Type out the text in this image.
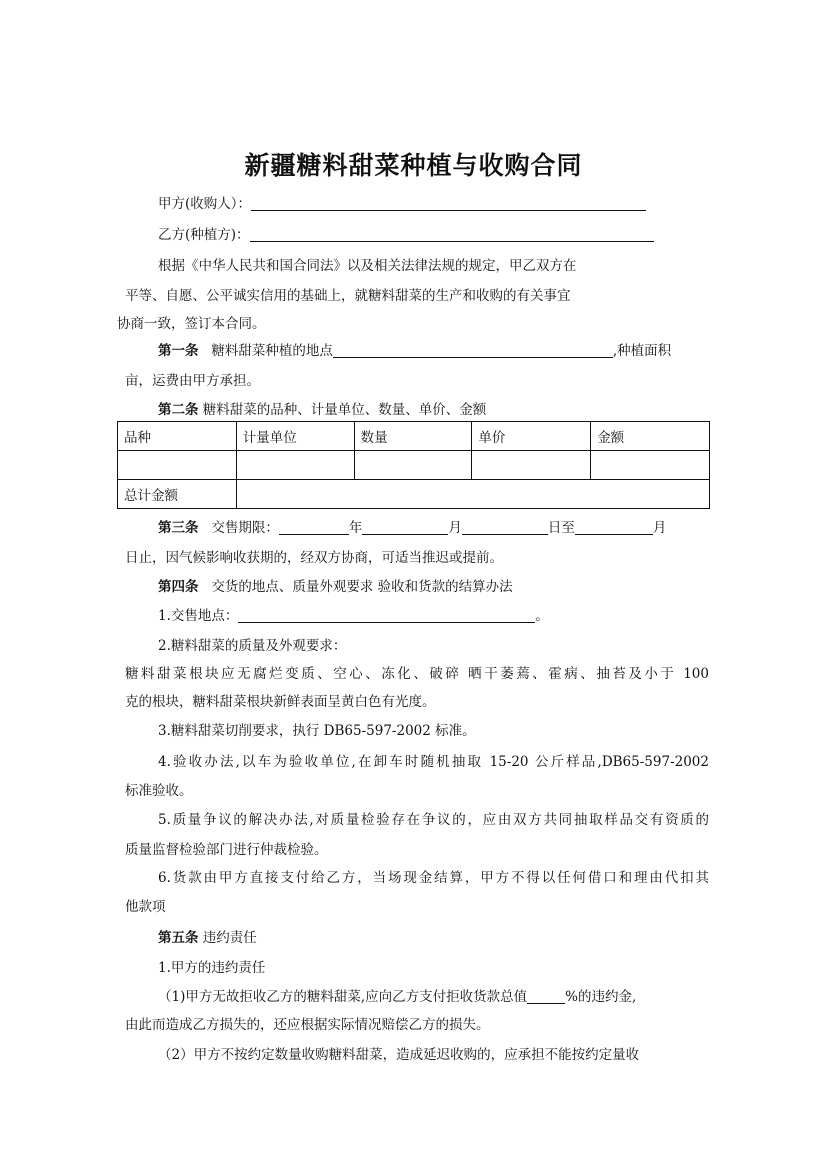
新疆糖料甜菜种植与收购合同
甲方(收购人）：
乙方(种植方)：
根据《中华人民共和国合同法》以及相关法律法规的规定，甲乙双方在
平等、自愿、公平诚实信用的基础上，就糖料甜菜的生产和收购的有关事宜
协商一致，签订本合同。
第一条 糖料甜菜种植的地点	,种植面积
亩，运费由甲方承担。
第二条 糖料甜菜的品种、计量单位、数量、单价、金额
品种	计量单位	数量	单价	金额

总计金额				
第三条 交售期限：	年	月	日至	月
日止，因气候影响收获期的，经双方协商，可适当推迟或提前。
第四条 交货的地点、质量外观要求 验收和货款的结算办法
1.交售地点：	。
2.糖料甜菜的质量及外观要求：
糖料甜菜根块应无腐烂变质、空心、冻化、破碎 晒干萎蔫、霍病、抽苔及小于 100
克的根块，糖料甜菜根块新鲜表面呈黄白色有光度。
3.糖料甜菜切削要求，执行 DB65-597-2002 标准。
4.验收办法,以车为验收单位,在卸车时随机抽取 15-20 公斤样品,DB65-597-2002
标准验收。
5.质量争议的解决办法,对质量检验存在争议的，应由双方共同抽取样品交有资质的
质量监督检验部门进行仲裁检验。
6.货款由甲方直接支付给乙方，当场现金结算，甲方不得以任何借口和理由代扣其
他款项
第五条 违约责任
1.甲方的违约责任
（1)甲方无故拒收乙方的糖料甜菜,应向乙方支付拒收货款总值	%的违约金,
由此而造成乙方损失的，还应根据实际情况赔偿乙方的损失。
（2）甲方不按约定数量收购糖料甜菜，造成延迟收购的，应承担不能按约定量收
